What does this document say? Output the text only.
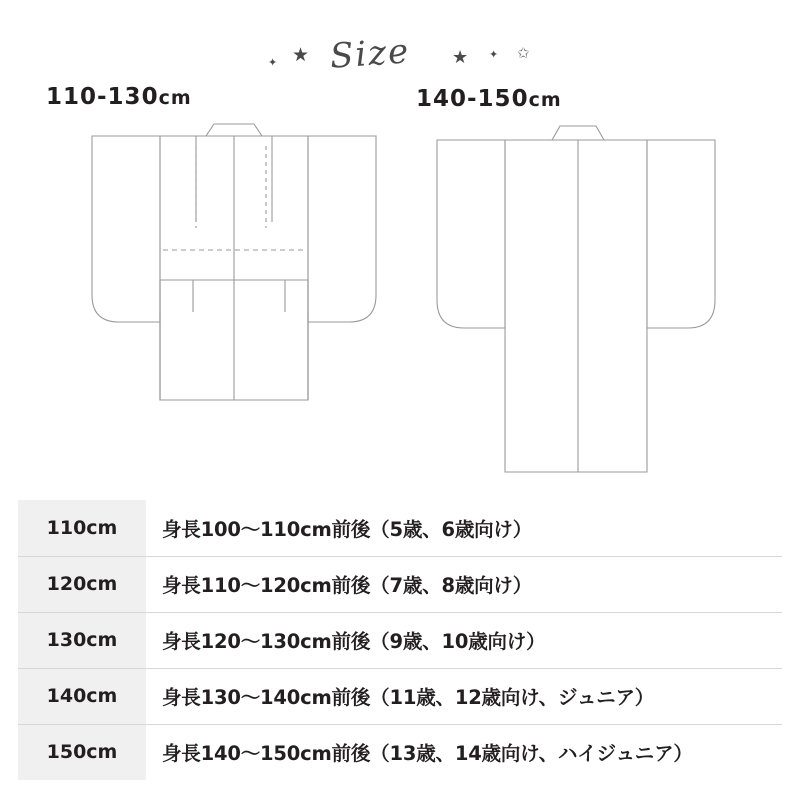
✦ ★ Size ★ ✦ ✩
110-130cm	140-150cm
110cm	身長100～110cm前後（5歳、6歳向け）
120cm	身長110～120cm前後（7歳、8歳向け）
130cm	身長120～130cm前後（9歳、10歳向け）
140cm	身長130～140cm前後（11歳、12歳向け、ジュニア）
150cm	身長140～150cm前後（13歳、14歳向け、ハイジュニア）
